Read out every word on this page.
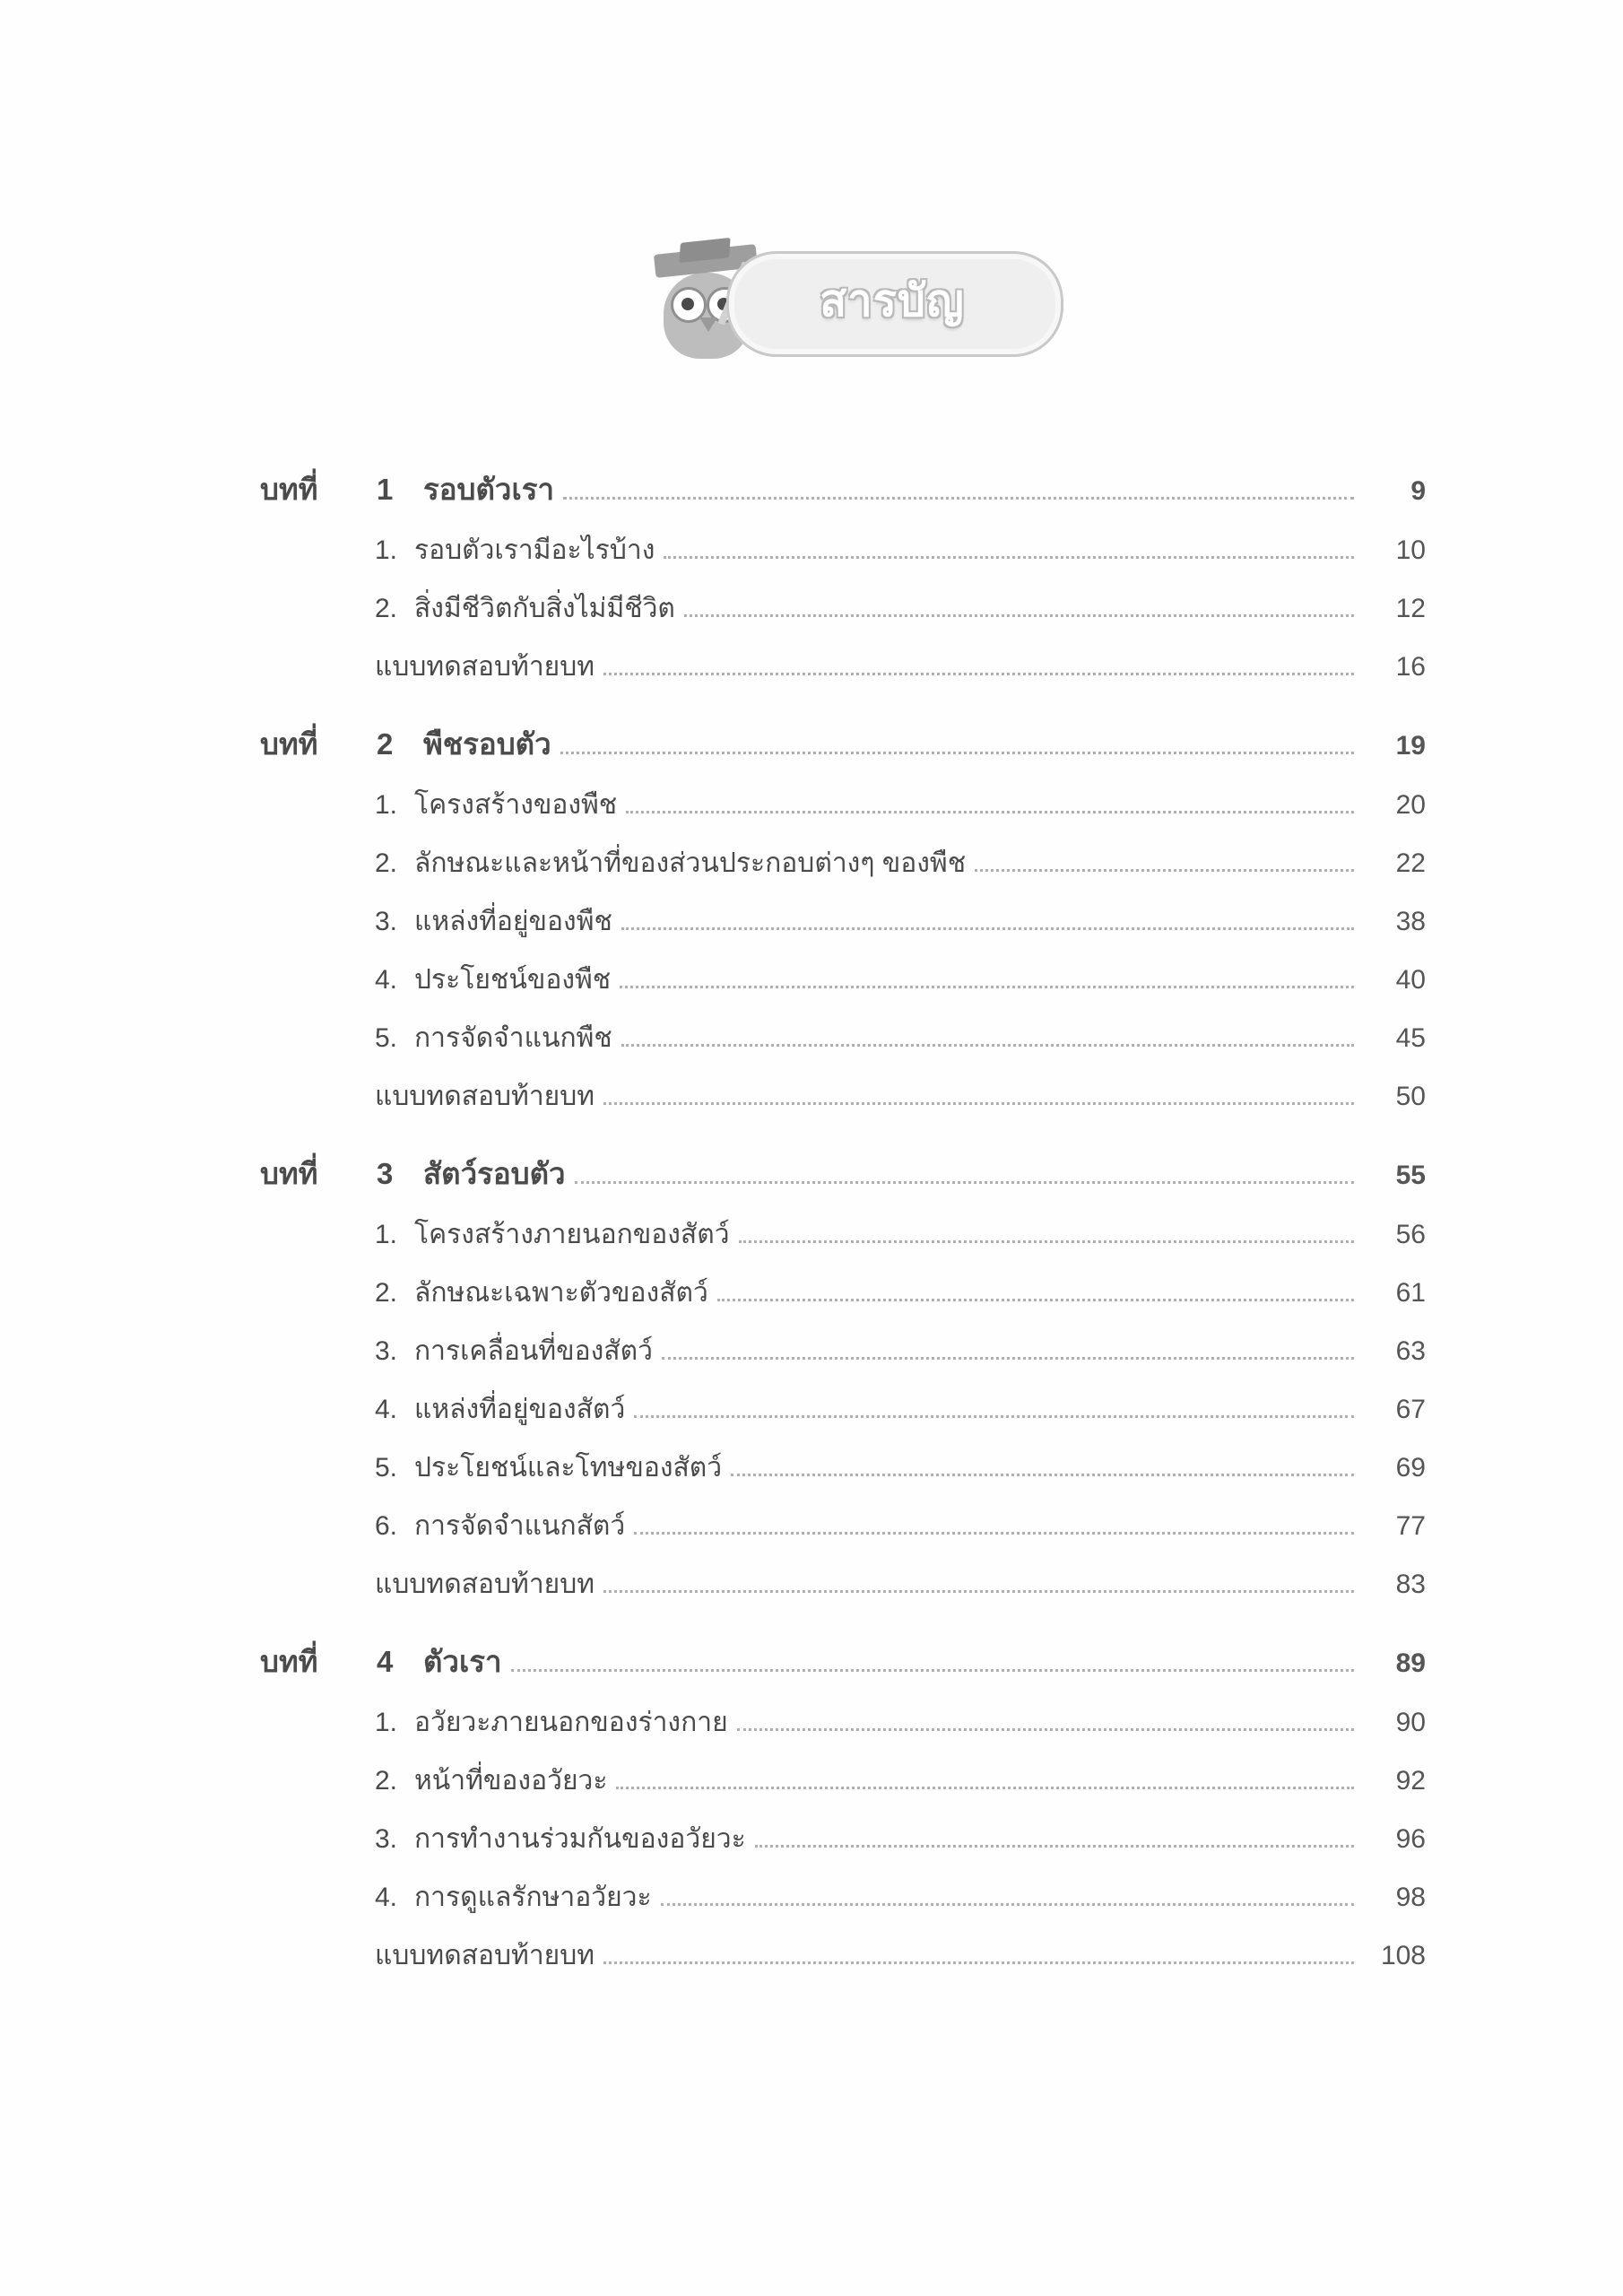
สารบัญ
บทที่	1	รอบตัวเรา	9
1. รอบตัวเรามีอะไรบ้าง	10
2. สิ่งมีชีวิตกับสิ่งไม่มีชีวิต	12
แบบทดสอบท้ายบท	16
บทที่	2	พืชรอบตัว	19
1. โครงสร้างของพืช	20
2. ลักษณะและหน้าที่ของส่วนประกอบต่างๆ ของพืช	22
3. แหล่งที่อยู่ของพืช	38
4. ประโยชน์ของพืช	40
5. การจัดจำแนกพืช	45
แบบทดสอบท้ายบท	50
บทที่	3	สัตว์รอบตัว	55
1. โครงสร้างภายนอกของสัตว์	56
2. ลักษณะเฉพาะตัวของสัตว์	61
3. การเคลื่อนที่ของสัตว์	63
4. แหล่งที่อยู่ของสัตว์	67
5. ประโยชน์และโทษของสัตว์	69
6. การจัดจำแนกสัตว์	77
แบบทดสอบท้ายบท	83
บทที่	4	ตัวเรา	89
1. อวัยวะภายนอกของร่างกาย	90
2. หน้าที่ของอวัยวะ	92
3. การทำงานร่วมกันของอวัยวะ	96
4. การดูแลรักษาอวัยวะ	98
แบบทดสอบท้ายบท	108
